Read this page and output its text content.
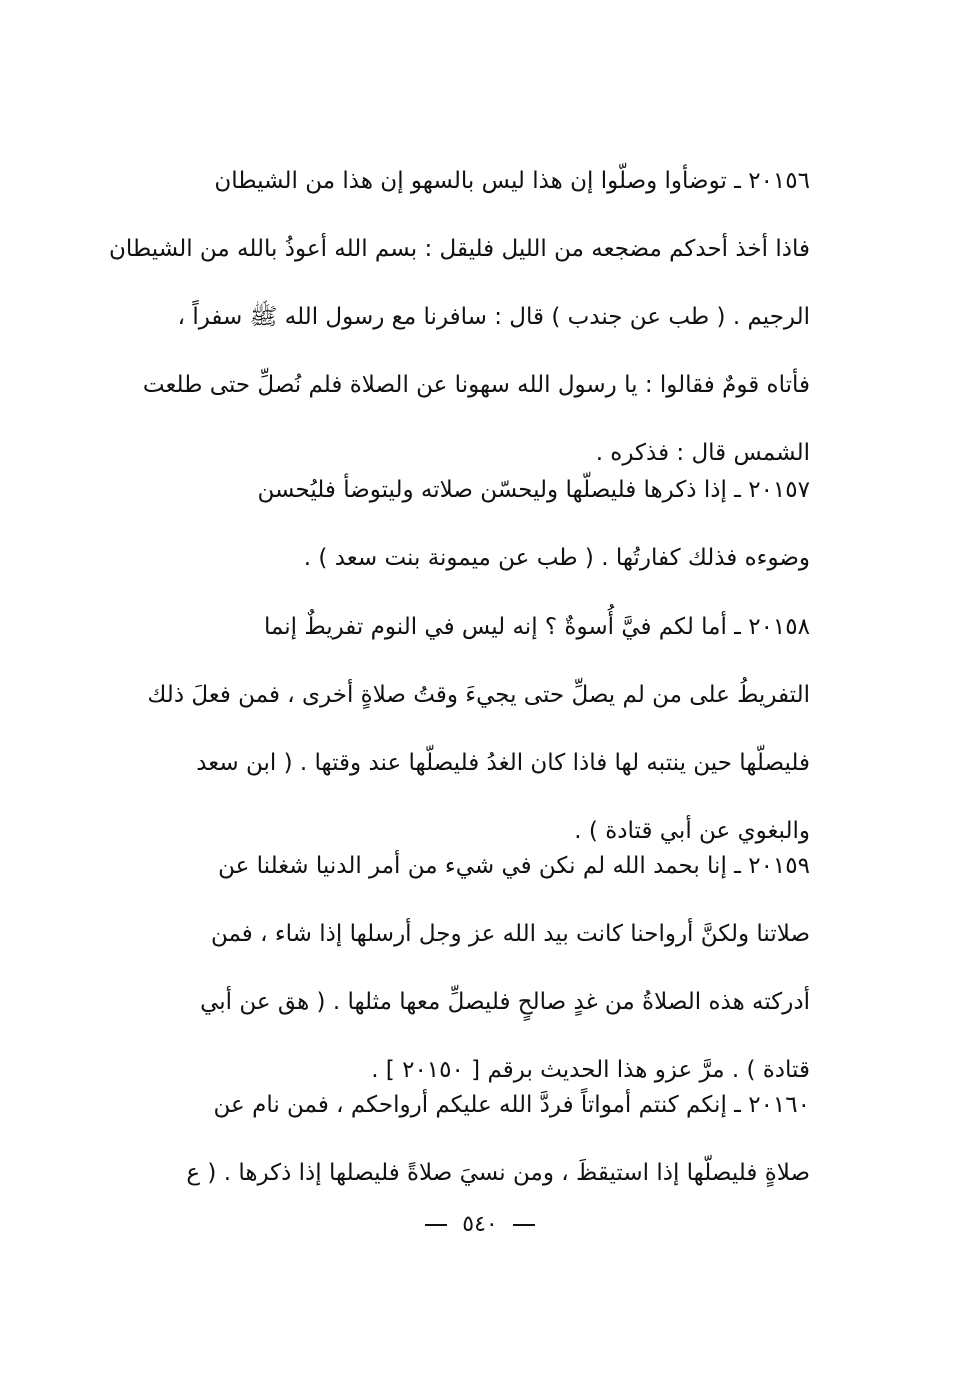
٢٠١٥٦ ـ توضأوا وصلّوا إن هذا ليس بالسهو إن هذا من الشيطان
فاذا أخذ أحدكم مضجعه من الليل فليقل : بسم الله أعوذُ بالله من الشيطان
الرجيم . ( طب عن جندب ) قال : سافرنا مع رسول الله ﷺ سفراً ،
فأتاه قومٌ فقالوا : يا رسول الله سهونا عن الصلاة فلم نُصلِّ حتى طلعت
الشمس قال : فذكره .
٢٠١٥٧ ـ إذا ذكرها فليصلّها وليحسّن صلاته وليتوضأ فليُحسن
وضوءه فذلك كفارتُها . ( طب عن ميمونة بنت سعد ) .
٢٠١٥٨ ـ أما لكم فيَّ أُسوةٌ ؟ إنه ليس في النوم تفريطٌ إنما
التفريطُ على من لم يصلِّ حتى يجيءَ وقتُ صلاةٍ أخرى ، فمن فعلَ ذلك
فليصلّها حين ينتبه لها فاذا كان الغدُ فليصلّها عند وقتها . ( ابن سعد
والبغوي عن أبي قتادة ) .
٢٠١٥٩ ـ إنا بحمد الله لم نكن في شيء من أمر الدنيا شغلنا عن
صلاتنا ولكنَّ أرواحنا كانت بيد الله عز وجل أرسلها إذا شاء ، فمن
أدركته هذه الصلاةُ من غدٍ صالحٍ فليصلِّ معها مثلها . ( هق عن أبي
قتادة ) . مرَّ عزو هذا الحديث برقم [ ٢٠١٥٠ ] .
٢٠١٦٠ ـ إنكم كنتم أمواتاً فردَّ الله عليكم أرواحكم ، فمن نام عن
صلاةٍ فليصلّها إذا استيقظَ ، ومن نسيَ صلاةً فليصلها إذا ذكرها . ( ع
٥٤٠
